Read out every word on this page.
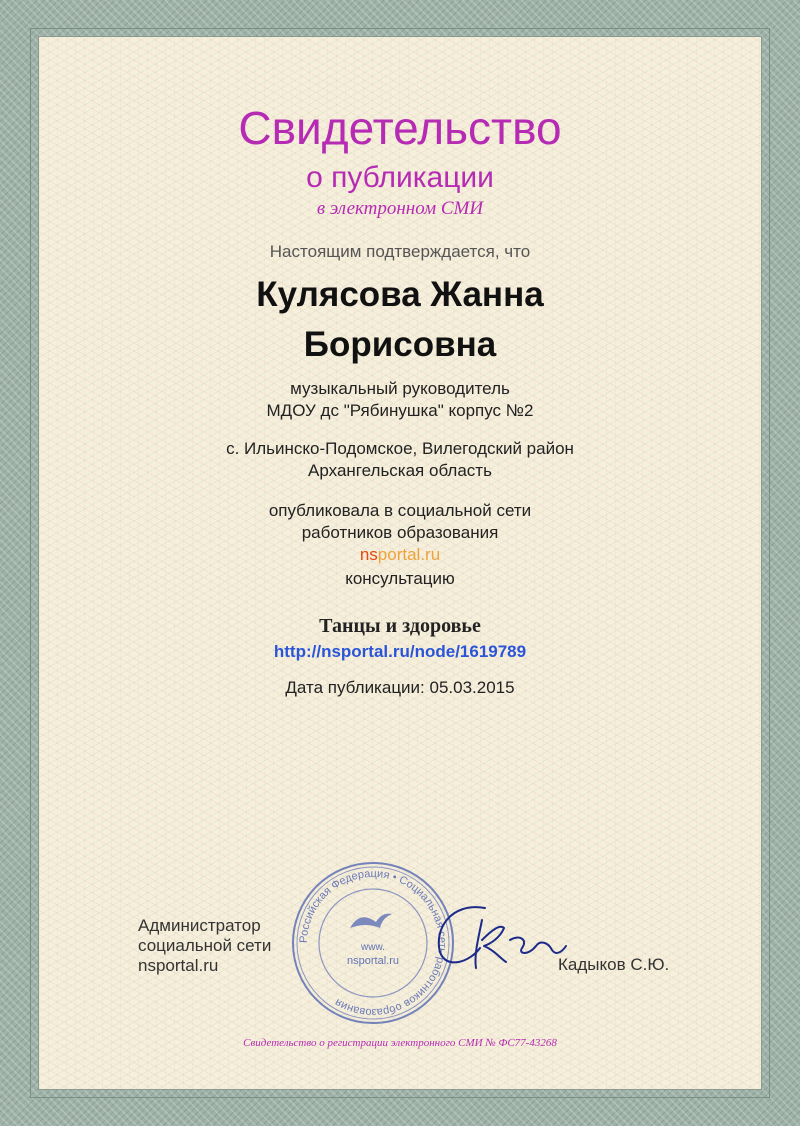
Свидетельство
о публикации
в электронном СМИ
Настоящим подтверждается, что
Кулясова Жанна
Борисовна
музыкальный руководитель
МДОУ дс "Рябинушка" корпус №2
с. Ильинско-Подомское, Вилегодский район
Архангельская область
опубликовала в социальной сети
работников образования
nsportal.ru
консультацию
Танцы и здоровье
http://nsportal.ru/node/1619789
Дата публикации: 05.03.2015
Администратор
социальной сети
nsportal.ru
Российская Федерация • Социальная сеть работников образования
www.
nsportal.ru	Кадыков С.Ю.
Свидетельство о регистрации электронного СМИ № ФС77-43268
